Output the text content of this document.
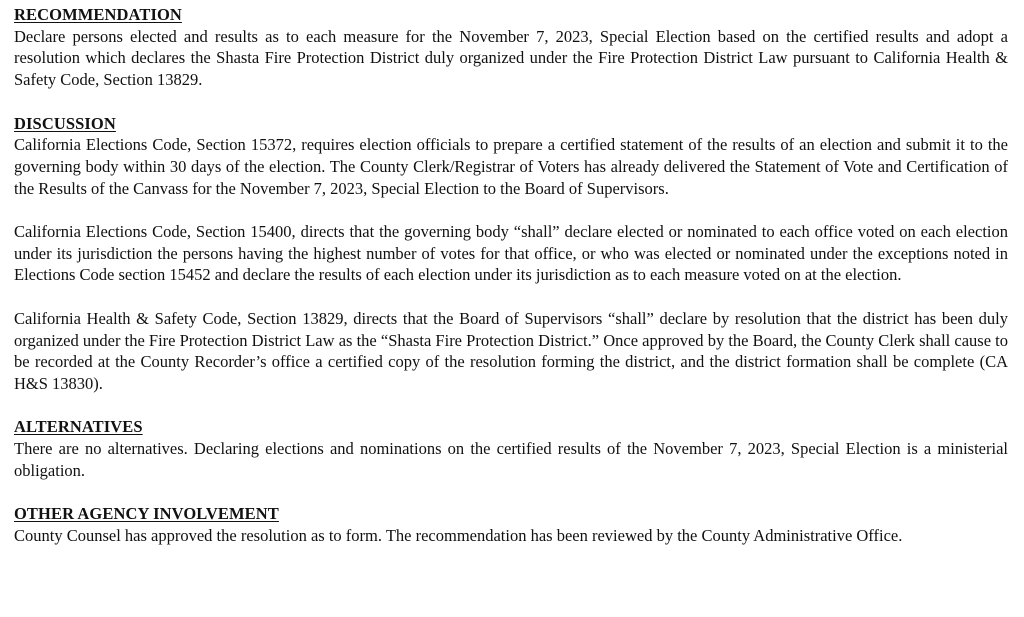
RECOMMENDATION

Declare persons elected and results as to each measure for the November 7, 2023, Special Election based on the certified results and adopt a resolution which declares the Shasta Fire Protection District duly organized under the Fire Protection District Law pursuant to California Health & Safety Code, Section 13829.

DISCUSSION

California Elections Code, Section 15372, requires election officials to prepare a certified statement of the results of an election and submit it to the governing body within 30 days of the election. The County Clerk/Registrar of Voters has already delivered the Statement of Vote and Certification of the Results of the Canvass for the November 7, 2023, Special Election to the Board of Supervisors.

California Elections Code, Section 15400, directs that the governing body “shall” declare elected or nominated to each office voted on each election under its jurisdiction the persons having the highest number of votes for that office, or who was elected or nominated under the exceptions noted in Elections Code section 15452 and declare the results of each election under its jurisdiction as to each measure voted on at the election.

California Health & Safety Code, Section 13829, directs that the Board of Supervisors “shall” declare by resolution that the district has been duly organized under the Fire Protection District Law as the “Shasta Fire Protection District.” Once approved by the Board, the County Clerk shall cause to be recorded at the County Recorder’s office a certified copy of the resolution forming the district, and the district formation shall be complete (CA H&S 13830).

ALTERNATIVES

There are no alternatives. Declaring elections and nominations on the certified results of the November 7, 2023, Special Election is a ministerial obligation.

OTHER AGENCY INVOLVEMENT

County Counsel has approved the resolution as to form. The recommendation has been reviewed by the County Administrative Office.
